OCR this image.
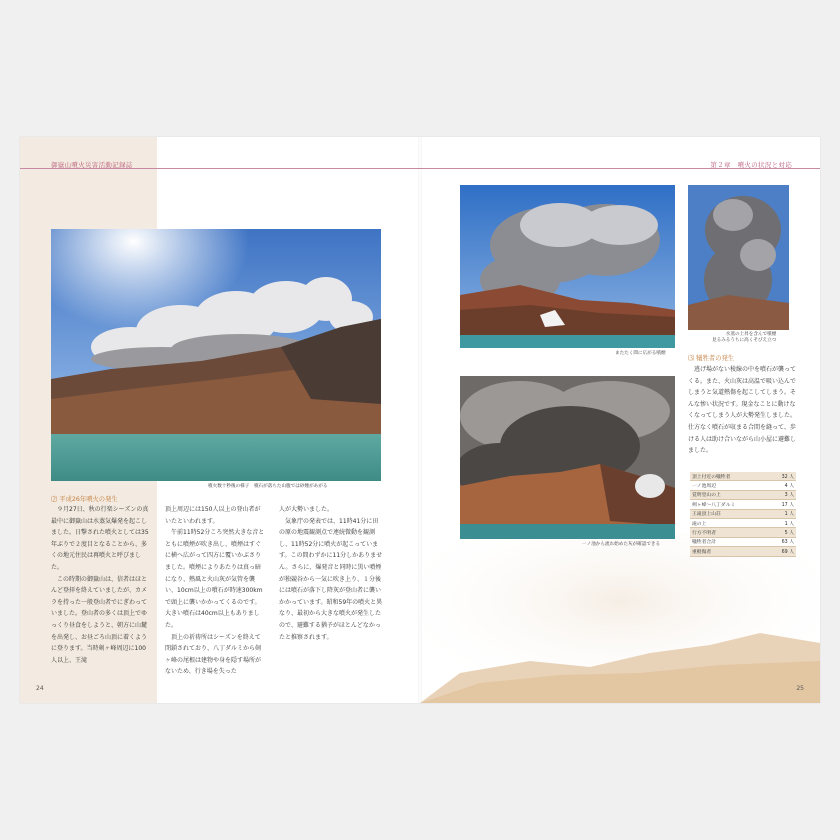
御嶽山噴火災害活動記録誌
噴火数十秒後の様子　噴石が落ちた山腹では砂煙があがる
⑵ 平成26年噴火の発生

９月27日、秋の行楽シーズンの真最中に御嶽山は水蒸気爆発を起こしました。日撃された噴火としては35年ぶりで２度目となることから、多くの地元住民は再噴火と呼びました。

この時期の御嶽山は、信者はほとんど登拝を終えていましたが、カメラを持った一般登山者でにぎわっていました。登山者の多くは頂上でゆっくり昼食をしようと、朝方に山麓を出発し、お昼ごろ山頂に着くように登ります。当時剣ヶ峰周辺に100人以上、王滝

頂上周辺には150人以上の登山者がいたといわれます。

午前11時52分ころ突然大きな音とともに噴煙が吹き出し、噴煙はすぐに横へ広がって四方に覆いかぶさりました。噴煙によりあたりは真っ暗になり、熱風と火山灰が気管を襲い、10cm以上の噴石が時速300kmで頭上に襲いかかってくるのです。大きい噴石は40cm以上もありました。

頂上の祈祷所はシーズンを終えて閉鎖されており、八丁ダルミから剣ヶ峰の尾根は建物や身を隠す場所がないため、行き場を失った

人が大勢いました。

気象庁の発表では、11時41分に田の原の地震観測点で連続微動を観測し、11時52分に噴火が起こっています。この間わずかに11分しかありません。さらに、爆発音と同時に黒い噴煙が独競谷から一気に吹き上り、１分後には噴石が落下し降灰が登山者に襲いかかっています。昭和59年の噴火と異なり、最初から大きな噴火が発生したので、避難する猶予がほとんどなかったと推察されます。

24
第２章　噴火の状況と対応
またたく間に広がる噴煙
水蒸の上昇を含んで噴煙
見るみるうちに高くそびえ立つ
一ノ池から流れ始めた灰が確認できる
⑶ 犠牲者の発生

逃げ場がない稜線の中を噴石が襲ってくる。また、火山灰は高温で吸い込んでしまうと気道熱傷を起こしてしまう。そんな惨い状況です。現金なことに動けなくなってしまう人が大勢発生しました。仕方なく噴石が収まる合間を縫って、歩ける人は助け合いながら山小屋に避難しました。

頂上付近の犠牲者	32 人
一ノ池周辺	4 人
覚明堂山の上	3 人
剣ヶ峰～八丁ダルミ	17 人
王滝頂上山荘	1 人
滝の上	1 人
行方不明者	5 人
犠牲者合計	63 人
重軽傷者	69 人
25
